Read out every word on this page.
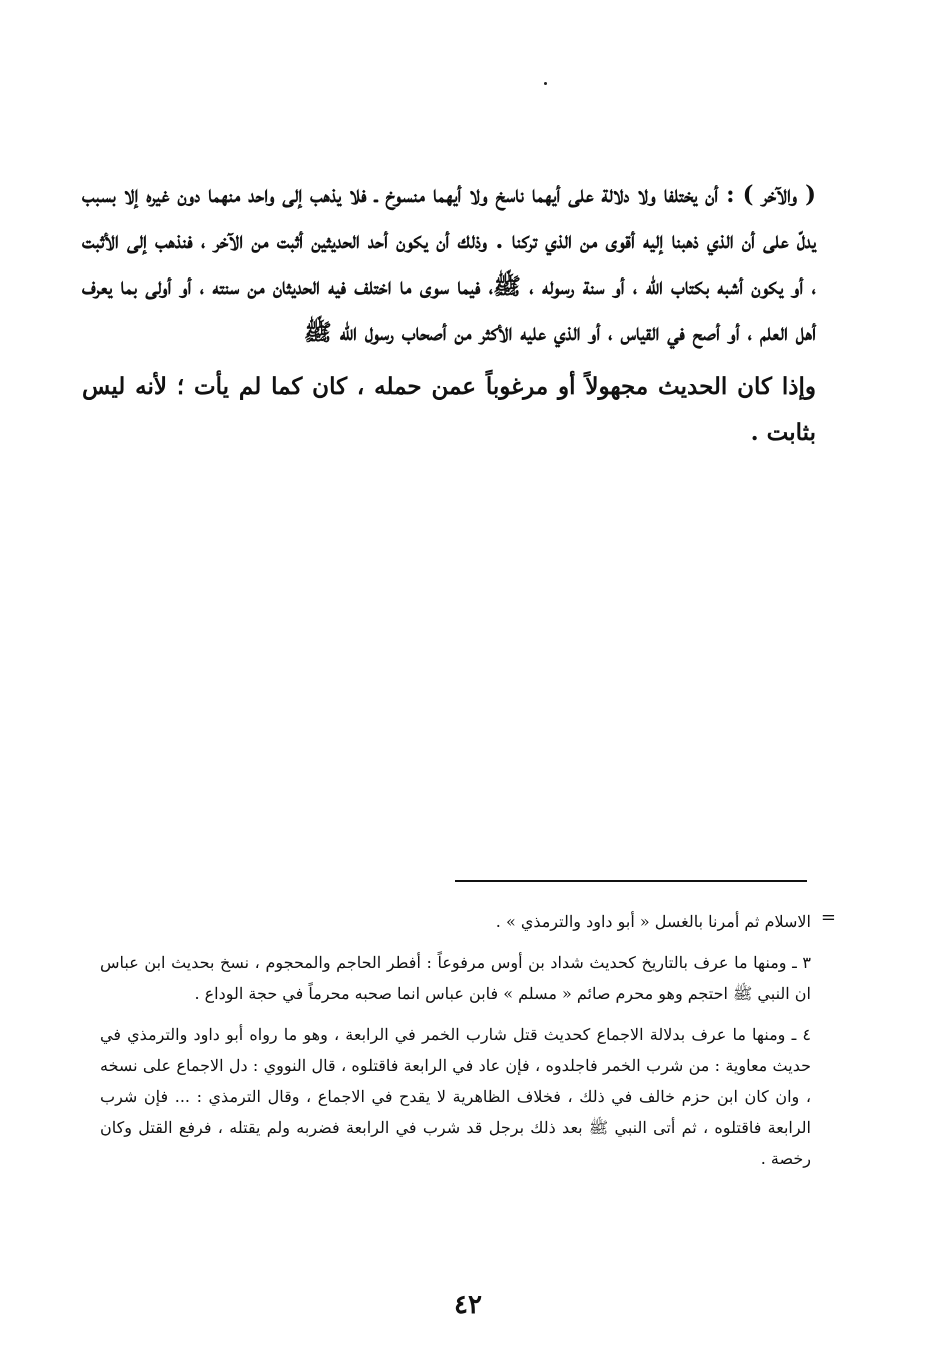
( والآخر ) : أن يختلفا ولا دلالة على أيهما ناسخ ولا أيهما منسوخ ـ فلا يذهب إلى واحد منهما دون غيره إلا بسبب يدلّ على أن الذي ذهبنا إليه أقوى من الذي تركنا . وذلك أن يكون أحد الحديثين أثبت من الآخر ، فنذهب إلى الأثبت ، أو يكون أشبه بكتاب الله ، أو سنة رسوله ، ﷺ، فيما سوى ما اختلف فيه الحديثان من سنته ، أو أولى بما يعرف أهل العلم ، أو أصح في القياس ، أو الذي عليه الأكثر من أصحاب رسول الله ﷺ

وإذا كان الحديث مجهولاً أو مرغوباً عمن حمله ، كان كما لم يأت ؛ لأنه ليس بثابت .

=

الاسلام ثم أمرنا بالغسل « أبو داود والترمذي » .

٣ ـ ومنها ما عرف بالتاريخ كحديث شداد بن أوس مرفوعاً : أفطر الحاجم والمحجوم ، نسخ بحديث ابن عباس ان النبي ﷺ احتجم وهو محرم صائم « مسلم » فابن عباس انما صحبه محرماً في حجة الوداع .

٤ ـ ومنها ما عرف بدلالة الاجماع كحديث قتل شارب الخمر في الرابعة ، وهو ما رواه أبو داود والترمذي في حديث معاوية : من شرب الخمر فاجلدوه ، فإن عاد في الرابعة فاقتلوه ، قال النووي : دل الاجماع على نسخه ، وان كان ابن حزم خالف في ذلك ، فخلاف الظاهرية لا يقدح في الاجماع ، وقال الترمذي : ... فإن شرب الرابعة فاقتلوه ، ثم أتى النبي ﷺ بعد ذلك برجل قد شرب في الرابعة فضربه ولم يقتله ، فرفع القتل وكان رخصة .

٤٢
